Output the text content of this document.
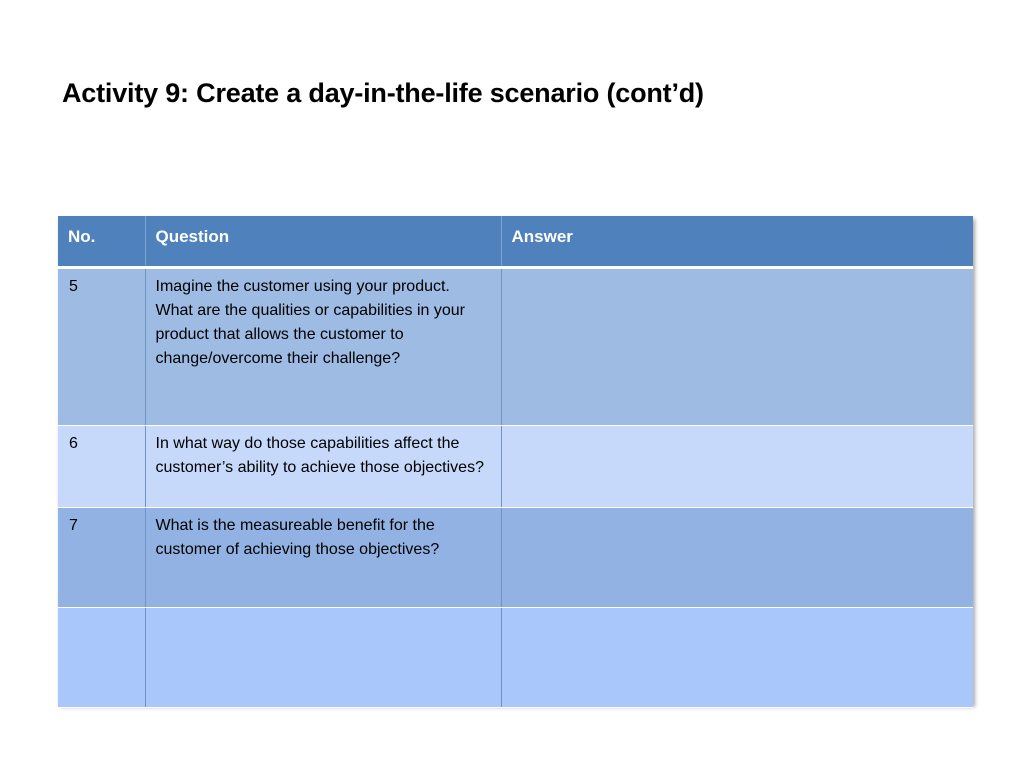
Activity 9: Create a day-in-the-life scenario (cont’d)
No.	Question	Answer
5	Imagine the customer using your product. What are the qualities or capabilities in your product that allows the customer to change/overcome their challenge?	
6	In what way do those capabilities affect the customer’s ability to achieve those objectives?	
7	What is the measureable benefit for the customer of achieving those objectives?	
